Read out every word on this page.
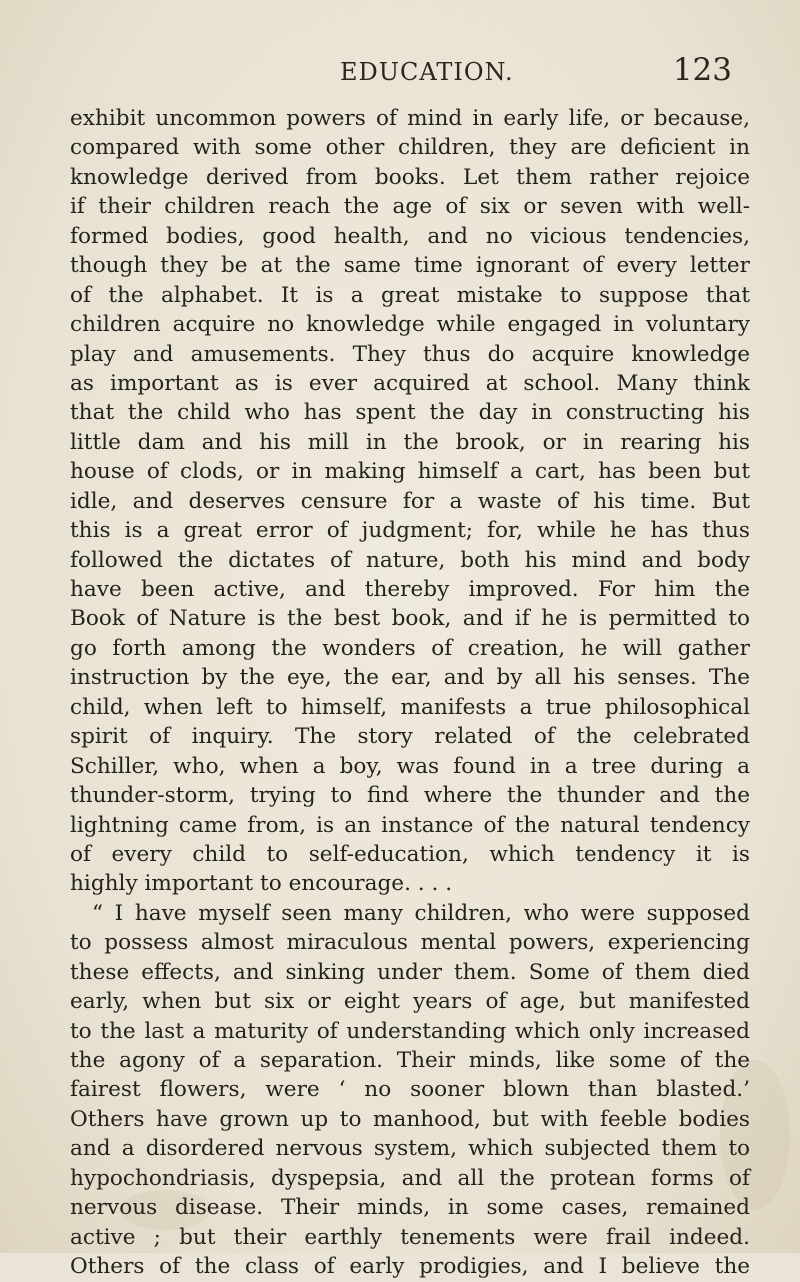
EDUCATION.	123
exhibit uncommon powers of mind in early life, or because,
compared with some other children, they are deficient in
knowledge derived from books. Let them rather rejoice
if their children reach the age of six or seven with well-
formed bodies, good health, and no vicious tendencies,
though they be at the same time ignorant of every letter
of the alphabet. It is a great mistake to suppose that
children acquire no knowledge while engaged in voluntary
play and amusements. They thus do acquire knowledge
as important as is ever acquired at school. Many think
that the child who has spent the day in constructing his
little dam and his mill in the brook, or in rearing his
house of clods, or in making himself a cart, has been but
idle, and deserves censure for a waste of his time. But
this is a great error of judgment; for, while he has thus
followed the dictates of nature, both his mind and body
have been active, and thereby improved. For him the
Book of Nature is the best book, and if he is permitted to
go forth among the wonders of creation, he will gather
instruction by the eye, the ear, and by all his senses. The
child, when left to himself, manifests a true philosophical
spirit of inquiry. The story related of the celebrated
Schiller, who, when a boy, was found in a tree during a
thunder-storm, trying to find where the thunder and the
lightning came from, is an instance of the natural tendency
of every child to self-education, which tendency it is
highly important to encourage. . . .
“ I have myself seen many children, who were supposed
to possess almost miraculous mental powers, experiencing
these effects, and sinking under them. Some of them died
early, when but six or eight years of age, but manifested
to the last a maturity of understanding which only increased
the agony of a separation. Their minds, like some of the
fairest flowers, were ‘ no sooner blown than blasted.’
Others have grown up to manhood, but with feeble bodies
and a disordered nervous system, which subjected them to
hypochondriasis, dyspepsia, and all the protean forms of
nervous disease. Their minds, in some cases, remained
active ; but their earthly tenements were frail indeed.
Others of the class of early prodigies, and I believe the
